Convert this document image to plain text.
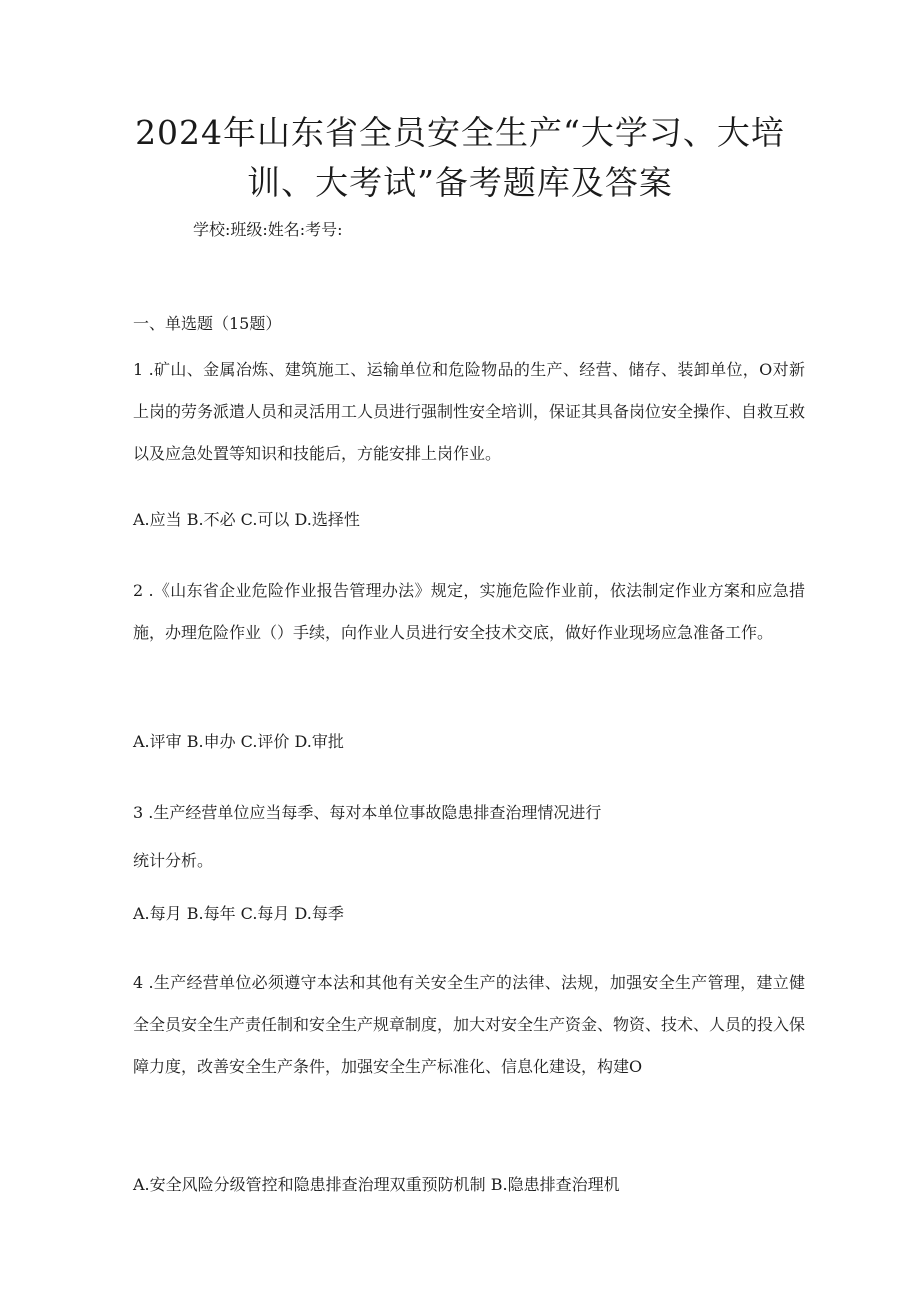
2024年山东省全员安全生产“大学习、大培
训、大考试”备考题库及答案
学校:班级:姓名:考号:
一、单选题（15题）
1 .矿山、金属冶炼、建筑施工、运输单位和危险物品的生产、经营、储存、装卸单位，O对新上岗的劳务派遣人员和灵活用工人员进行强制性安全培训，保证其具备岗位安全操作、自救互救以及应急处置等知识和技能后，方能安排上岗作业。
A.应当 B.不必 C.可以 D.选择性
2 .《山东省企业危险作业报告管理办法》规定，实施危险作业前，依法制定作业方案和应急措施，办理危险作业（）手续，向作业人员进行安全技术交底，做好作业现场应急准备工作。
A.评审 B.申办 C.评价 D.审批
3 .生产经营单位应当每季、每对本单位事故隐患排查治理情况进行
统计分析。
A.每月 B.每年 C.每月 D.每季
4 .生产经营单位必须遵守本法和其他有关安全生产的法律、法规，加强安全生产管理，建立健全全员安全生产责任制和安全生产规章制度，加大对安全生产资金、物资、技术、人员的投入保障力度，改善安全生产条件，加强安全生产标准化、信息化建设，构建O
A.安全风险分级管控和隐患排查治理双重预防机制 B.隐患排查治理机
